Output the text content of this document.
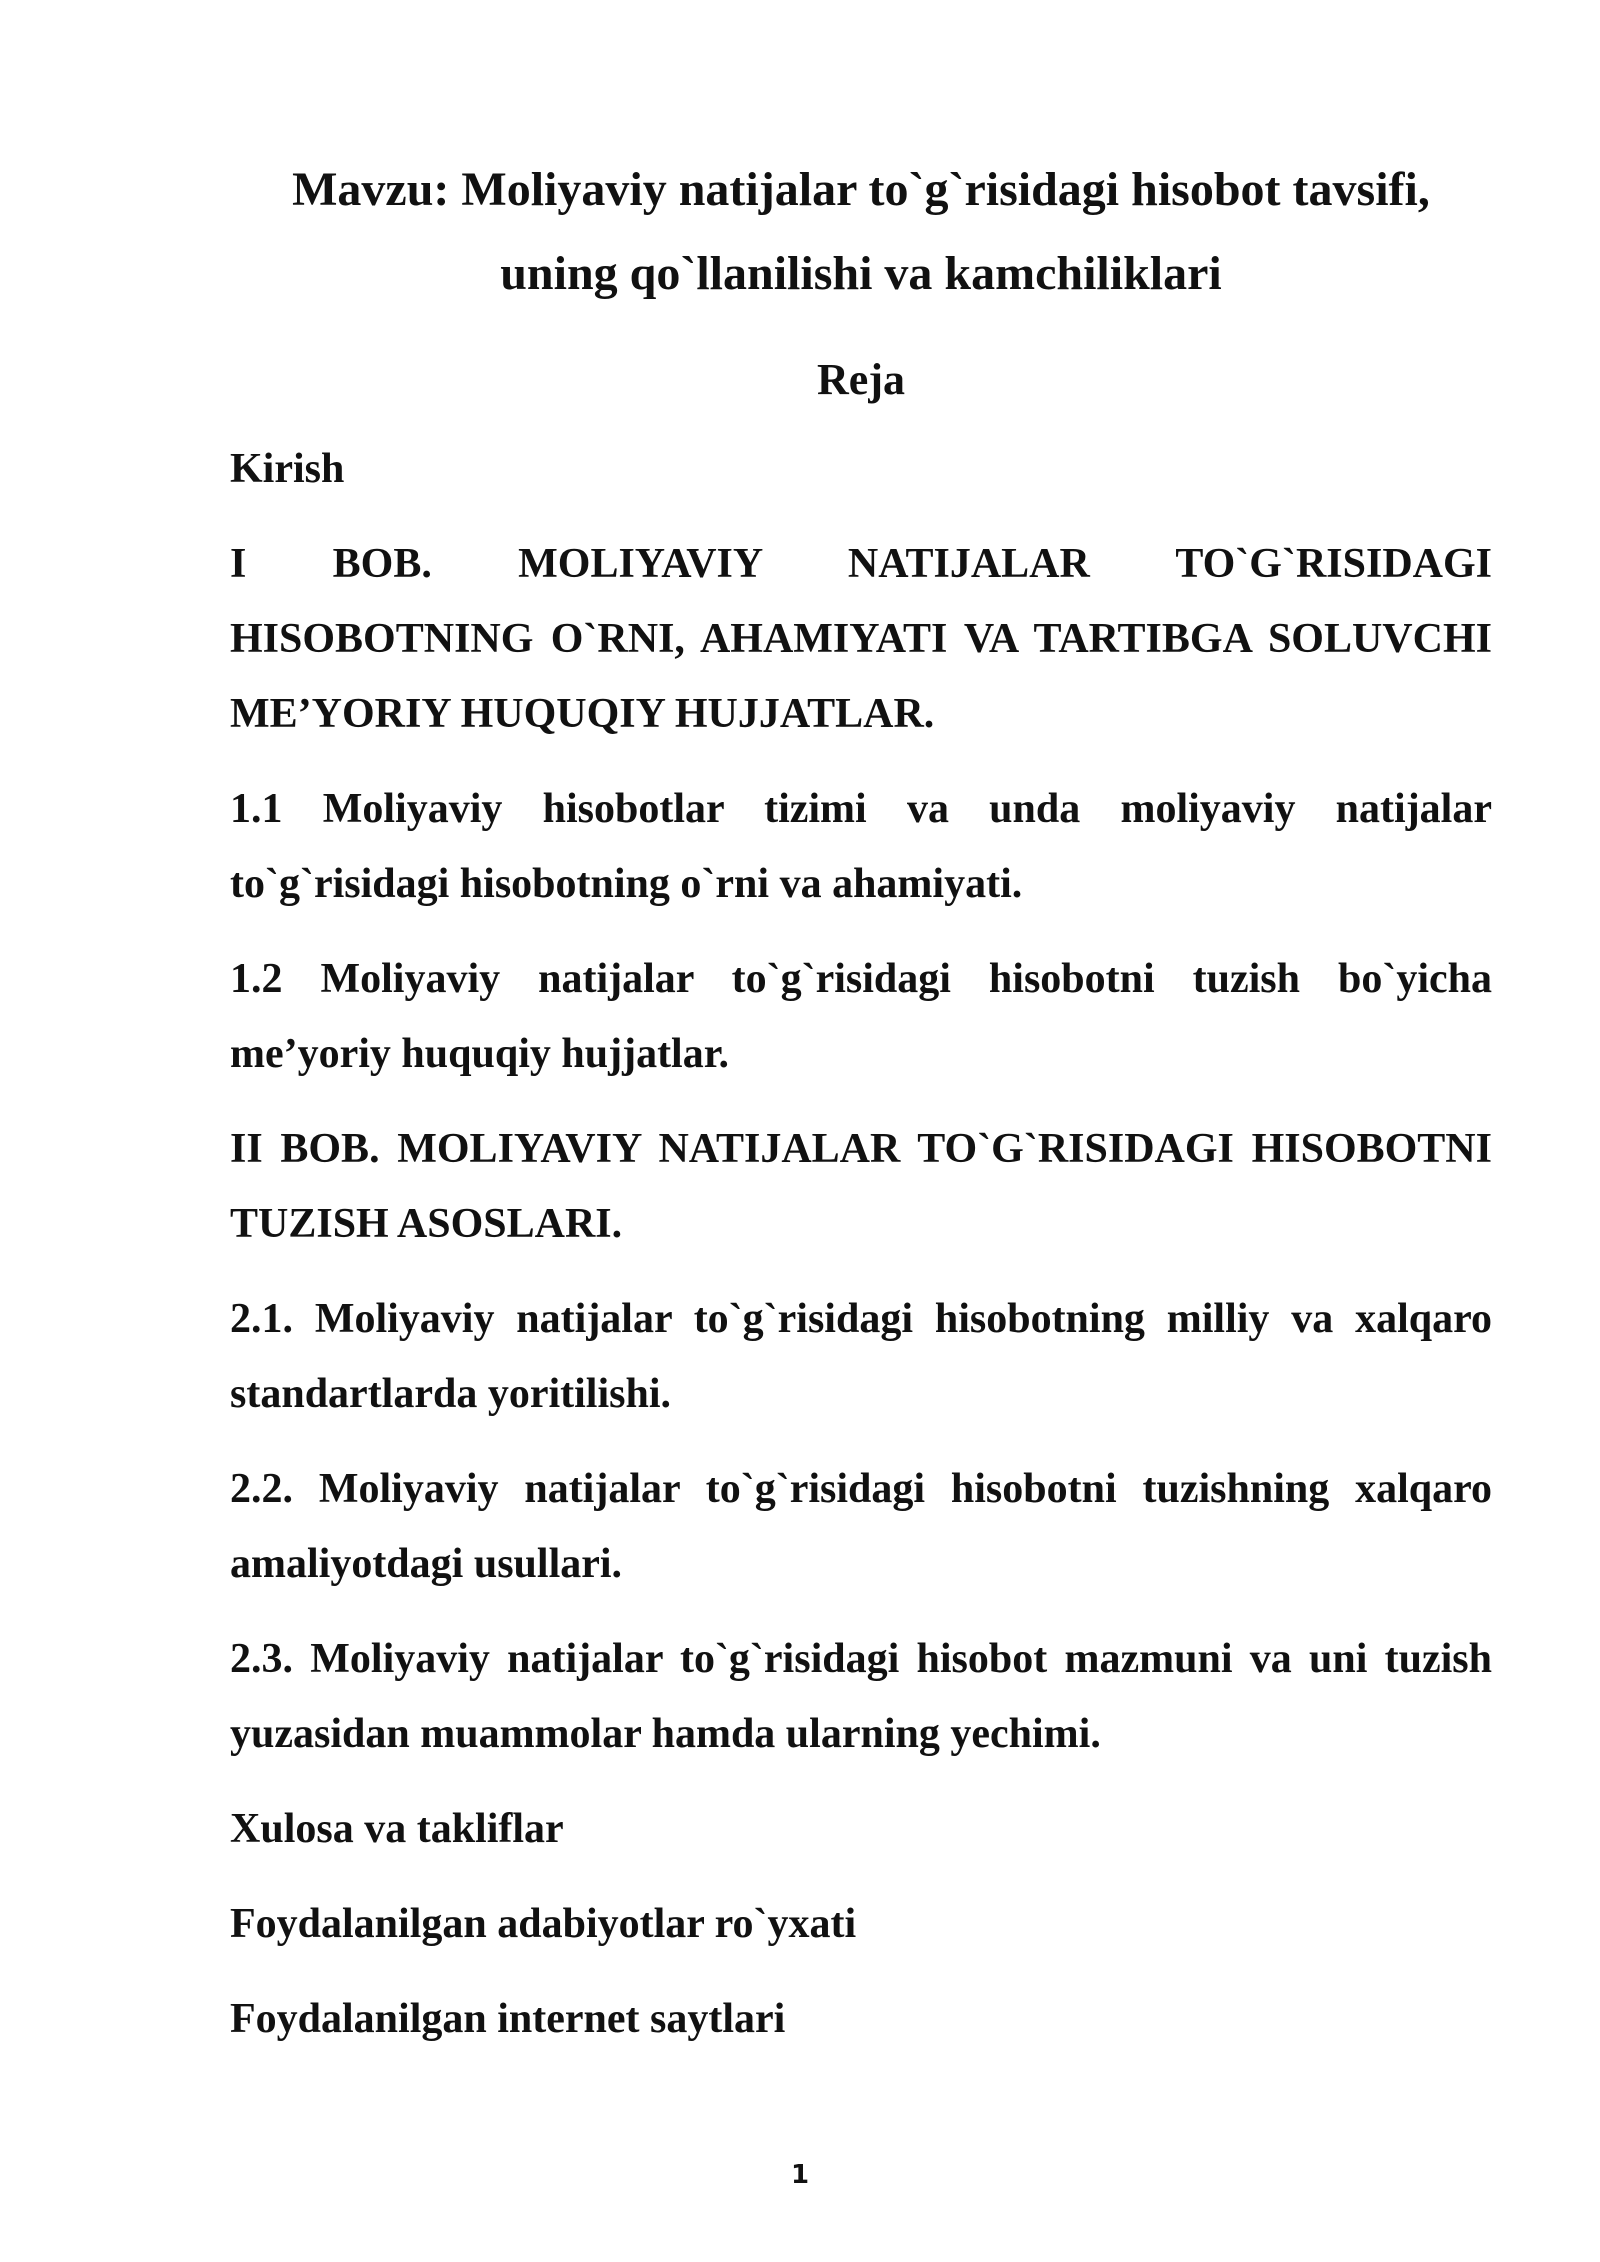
Mavzu: Moliyaviy natijalar to`g`risidagi hisobot tavsifi,
uning qo`llanilishi va kamchiliklari
Reja

Kirish

I BOB. MOLIYAVIY NATIJALAR TO`G`RISIDAGI HISOBOTNING O`RNI, AHAMIYATI VA TARTIBGA SOLUVCHI ME’YORIY HUQUQIY HUJJATLAR.

1.1 Moliyaviy hisobotlar tizimi va unda moliyaviy natijalar to`g`risidagi hisobotning o`rni va ahamiyati.

1.2 Moliyaviy natijalar to`g`risidagi hisobotni tuzish bo`yicha me’yoriy huquqiy hujjatlar.

II BOB. MOLIYAVIY NATIJALAR TO`G`RISIDAGI HISOBOTNI TUZISH ASOSLARI.

2.1. Moliyaviy natijalar to`g`risidagi hisobotning milliy va xalqaro standartlarda yoritilishi.

2.2. Moliyaviy natijalar to`g`risidagi hisobotni tuzishning xalqaro amaliyotdagi usullari.

2.3. Moliyaviy natijalar to`g`risidagi hisobot mazmuni va uni tuzish yuzasidan muammolar hamda ularning yechimi.

Xulosa va takliflar

Foydalanilgan adabiyotlar ro`yxati

Foydalanilgan internet saytlari

1
